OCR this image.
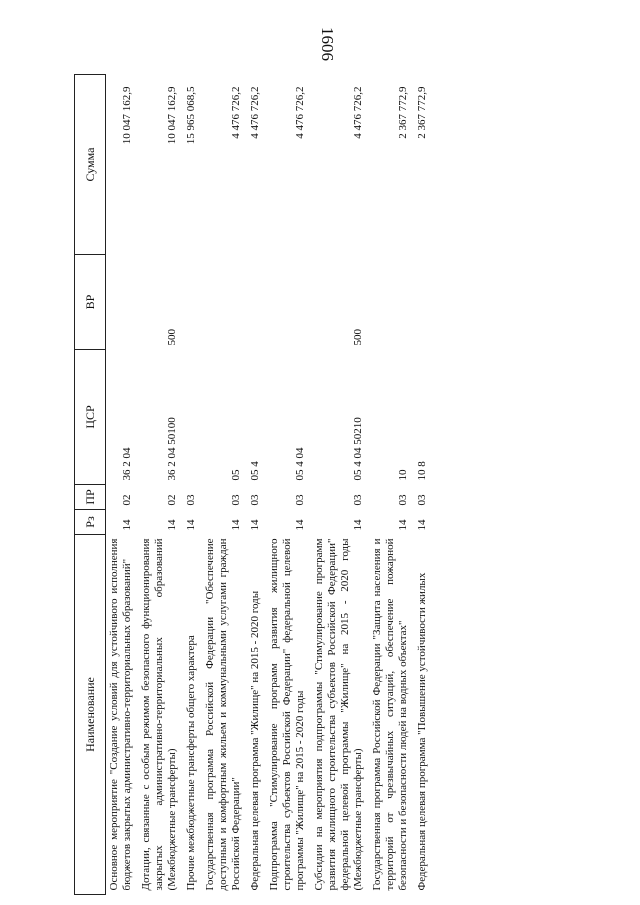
1606
Наименование	Рз	ПР	ЦСР	ВР	Сумма
Основное мероприятие "Создание условий для устойчивого исполнения бюджетов закрытых административно-территориальных образований"	14	02	36 2 04		10 047 162,9
Дотации, связанные с особым режимом безопасного функционирования закрытых административно-территориальных образований (Межбюджетные трансферты)	14	02	36 2 04 50100	500	10 047 162,9
Прочие межбюджетные трансферты общего характера	14	03			15 965 068,5
Государственная программа Российской Федерации "Обеспечение доступным и комфортным жильем и коммунальными услугами граждан Российской Федерации"	14	03	05		4 476 726,2
Федеральная целевая программа "Жилище" на 2015 - 2020 годы	14	03	05 4		4 476 726,2
Подпрограмма "Стимулирование программ развития жилищного строительства субъектов Российской Федерации" федеральной целевой программы "Жилище" на 2015 - 2020 годы	14	03	05 4 04		4 476 726,2
Субсидии на мероприятия подпрограммы "Стимулирование программ развития жилищного строительства субъектов Российской Федерации" федеральной целевой программы "Жилище" на 2015 - 2020 годы (Межбюджетные трансферты)	14	03	05 4 04 50210	500	4 476 726,2
Государственная программа Российской Федерации "Защита населения и территорий от чрезвычайных ситуаций, обеспечение пожарной безопасности и безопасности людей на водных объектах"	14	03	10		2 367 772,9
Федеральная целевая программа "Повышение устойчивости жилых	14	03	10 8		2 367 772,9
